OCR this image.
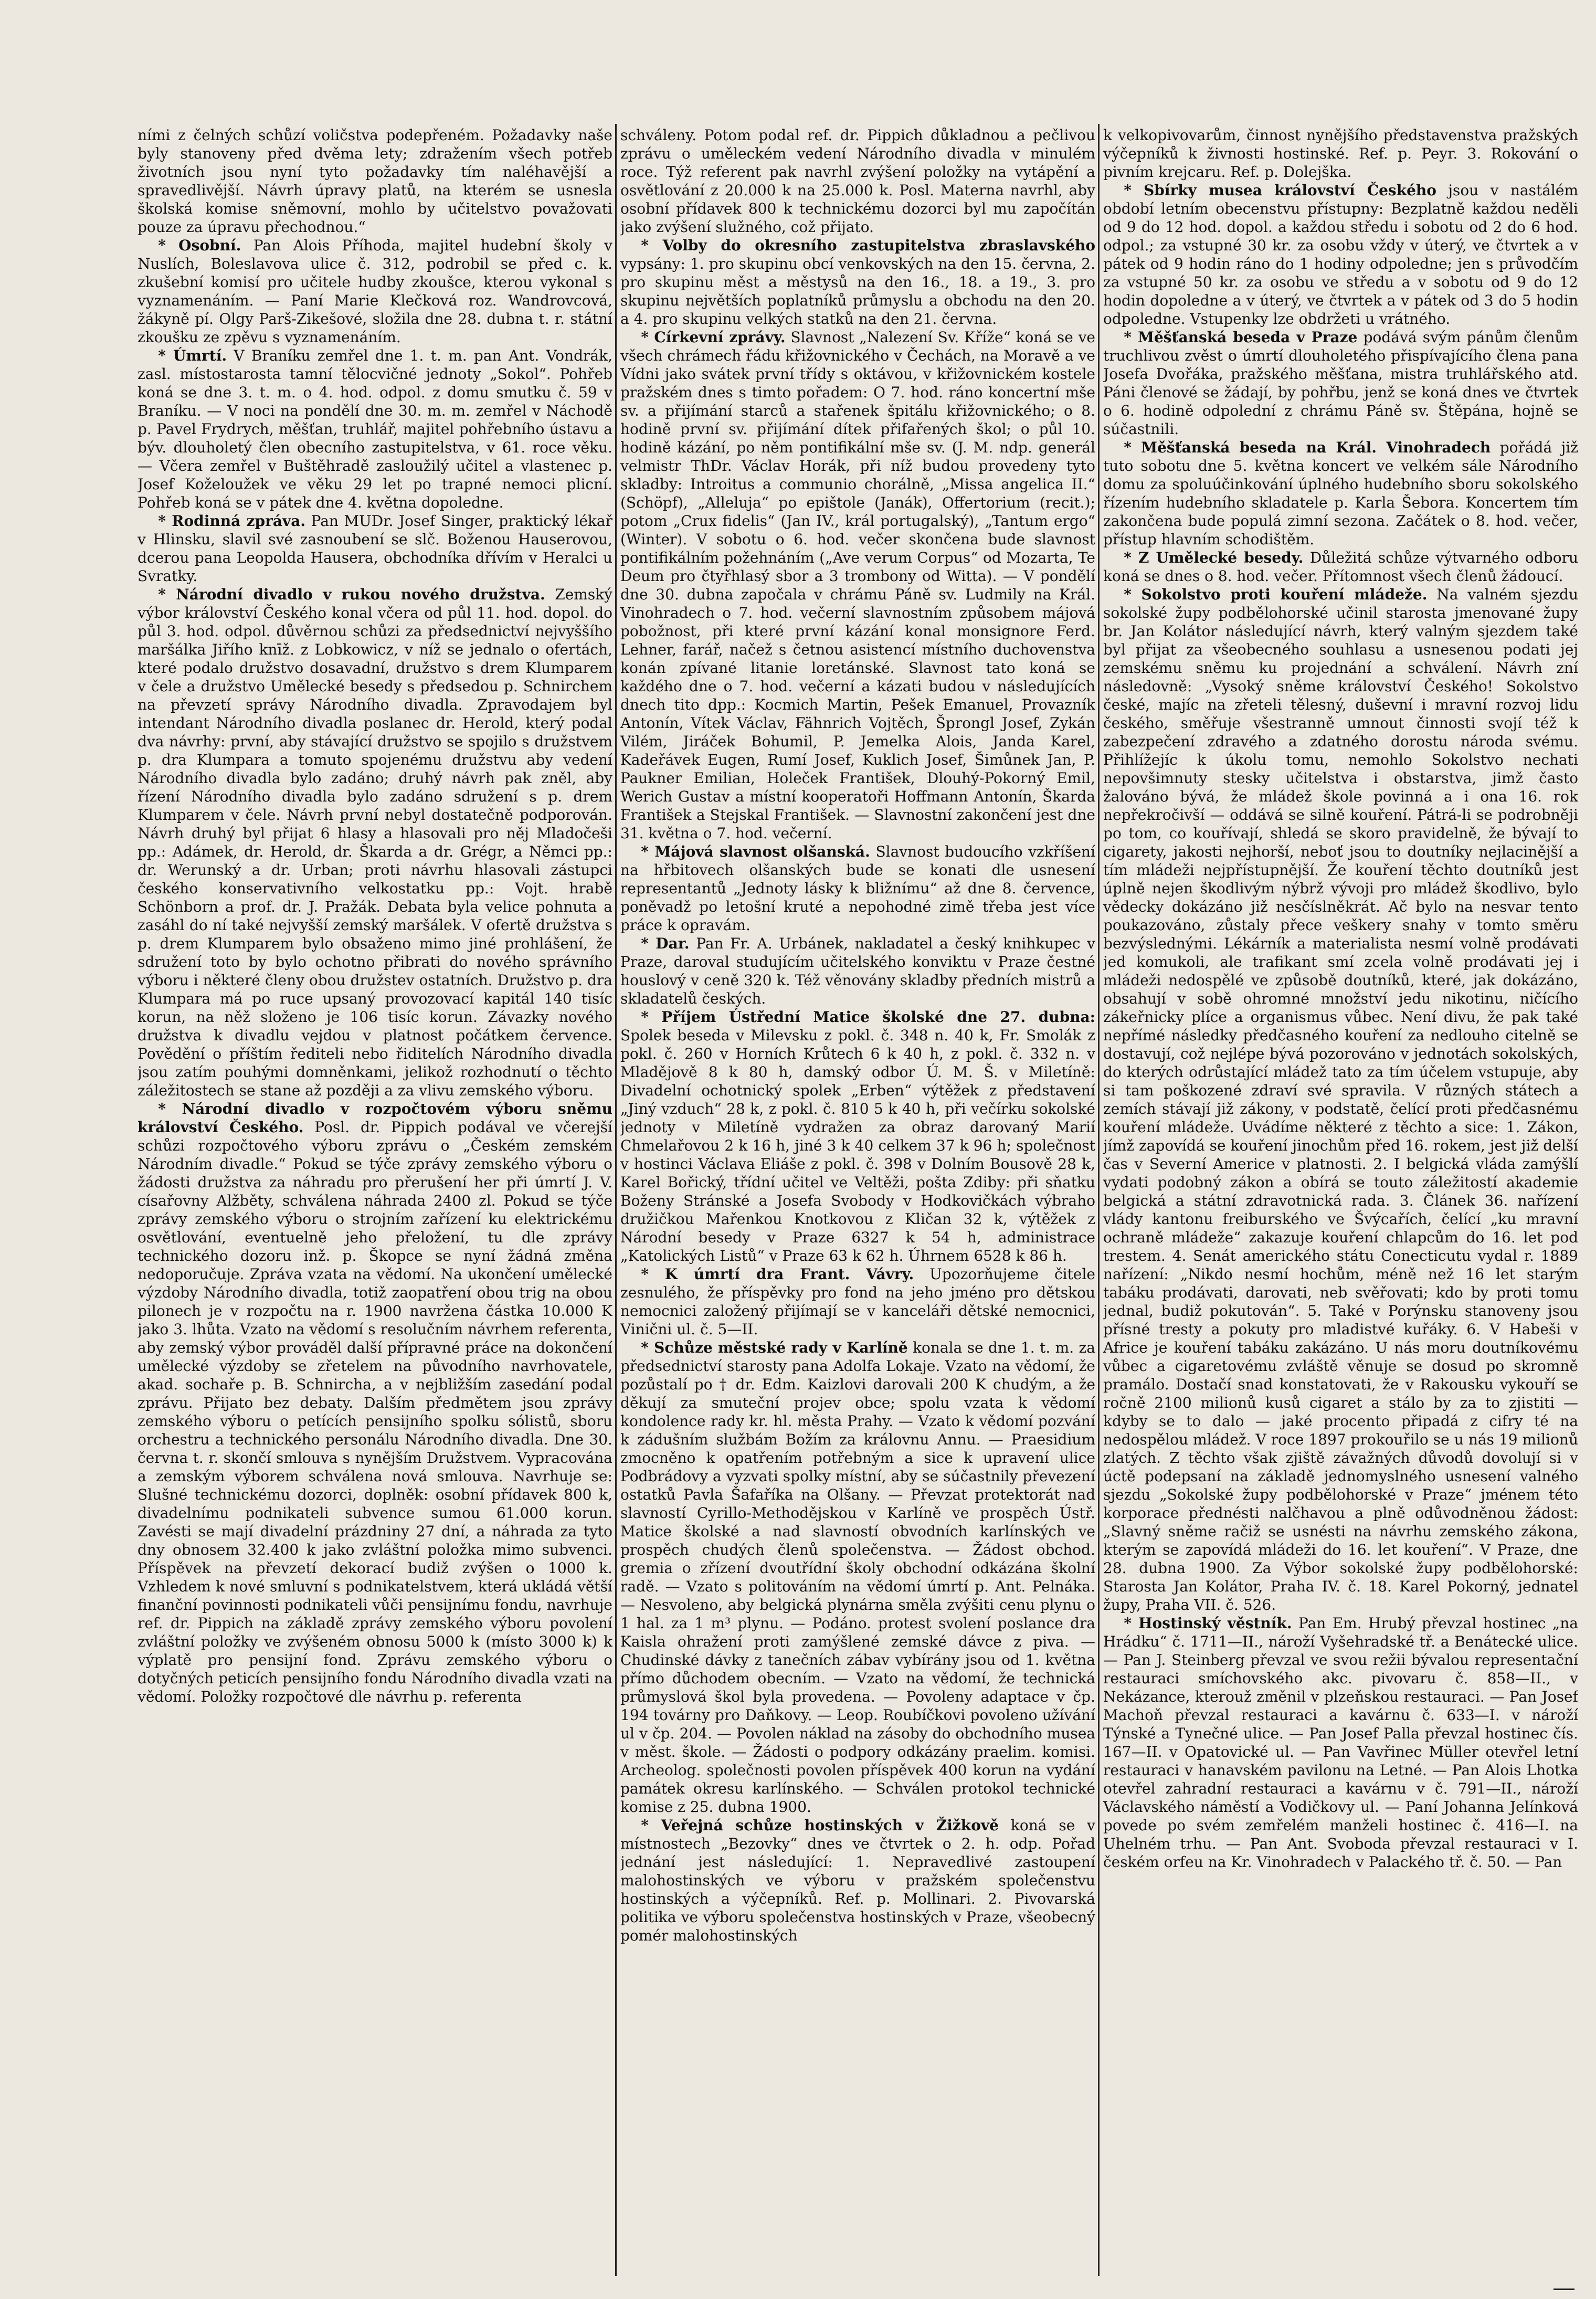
ními z čelných schůzí voličstva podepřeném. Požadavky naše byly stanoveny před dvěma lety; zdražením všech potřeb životních jsou nyní tyto požadavky tím naléhavější a spravedlivější. Návrh úpravy platů, na kterém se usnesla školská komise sněmovní, mohlo by učitelstvo považovati pouze za úpravu přechodnou.“

* Osobní. Pan Alois Příhoda, majitel hudební školy v Nuslích, Boleslavova ulice č. 312, podrobil se před c. k. zkušební komisí pro učitele hudby zkoušce, kterou vykonal s vyznamenáním. — Paní Marie Klečková roz. Wandrovcová, žákyně pí. Olgy Parš-Zikešové, složila dne 28. dubna t. r. státní zkoušku ze zpěvu s vyznamenáním.

* Úmrtí. V Braníku zemřel dne 1. t. m. pan Ant. Vondrák, zasl. místostarosta tamní tělocvičné jednoty „Sokol“. Pohřeb koná se dne 3. t. m. o 4. hod. odpol. z domu smutku č. 59 v Braníku. — V noci na pondělí dne 30. m. m. zemřel v Náchodě p. Pavel Frydrych, měšťan, truhlář, majitel pohřebního ústavu a býv. dlouholetý člen obecního zastupitelstva, v 61. roce věku. — Včera zemřel v Buštěhradě zasloužilý učitel a vlastenec p. Josef Koželoužek ve věku 29 let po trapné nemoci plicní. Pohřeb koná se v pátek dne 4. května dopoledne.

* Rodinná zpráva. Pan MUDr. Josef Singer, praktický lékař v Hlinsku, slavil své zasnoubení se slč. Boženou Hauserovou, dcerou pana Leopolda Hausera, obchodníka dřívím v Heralci u Svratky.

* Národní divadlo v rukou nového družstva. Zemský výbor království Českého konal včera od půl 11. hod. dopol. do půl 3. hod. odpol. důvěrnou schůzi za předsednictví nejvyššího maršálka Jiřího knīž. z Lobkowicz, v níž se jednalo o ofertách, které podalo družstvo dosavadní, družstvo s drem Klumparem v čele a družstvo Umělecké besedy s předsedou p. Schnirchem na převzetí správy Národního divadla. Zpravodajem byl intendant Národního divadla poslanec dr. Herold, který podal dva návrhy: první, aby stávající družstvo se spojilo s družstvem p. dra Klumpara a tomuto spojenému družstvu aby vedení Národního divadla bylo zadáno; druhý návrh pak zněl, aby řízení Národního divadla bylo zadáno sdružení s p. drem Klumparem v čele. Návrh první nebyl dostatečně podporován. Návrh druhý byl přijat 6 hlasy a hlasovali pro něj Mladočeši pp.: Adámek, dr. Herold, dr. Škarda a dr. Grégr, a Němci pp.: dr. Werunský a dr. Urban; proti návrhu hlasovali zástupci českého konservativního velkostatku pp.: Vojt. hrabě Schönborn a prof. dr. J. Pražák. Debata byla velice pohnuta a zasáhl do ní také nejvyšší zemský maršálek. V ofertě družstva s p. drem Klumparem bylo obsaženo mimo jiné prohlášení, že sdružení toto by bylo ochotno přibrati do nového správního výboru i některé členy obou družstev ostatních. Družstvo p. dra Klumpara má po ruce upsaný provozovací kapitál 140 tisíc korun, na něž složeno je 106 tisíc korun. Závazky nového družstva k divadlu vejdou v platnost počátkem července. Povědění o příštím řediteli nebo řiditelích Národního divadla jsou zatím pouhými domněnkami, jelikož rozhodnutí o těchto záležitostech se stane až později a za vlivu zemského výboru.

* Národní divadlo v rozpočtovém výboru sněmu království Českého. Posl. dr. Pippich podával ve včerejší schůzi rozpočtového výboru zprávu o „Českém zemském Národním divadle.“ Pokud se týče zprávy zemského výboru o žádosti družstva za náhradu pro přerušení her při úmrtí J. V. císařovny Alžběty, schválena náhrada 2400 zl. Pokud se týče zprávy zemského výboru o strojním zařízení ku elektrickému osvětlování, eventuelně jeho přeložení, tu dle zprávy technického dozoru inž. p. Škopce se nyní žádná změna nedoporučuje. Zpráva vzata na vědomí. Na ukončení umělecké výzdoby Národního divadla, totiž zaopatření obou trig na obou pilonech je v rozpočtu na r. 1900 navržena částka 10.000 K jako 3. lhůta. Vzato na vědomí s resolučním návrhem referenta, aby zemský výbor prováděl další přípravné práce na dokončení umělecké výzdoby se zřetelem na původního navrhovatele, akad. sochaře p. B. Schnircha, a v nejbližším zasedání podal zprávu. Přijato bez debaty. Dalším předmětem jsou zprávy zemského výboru o petících pensijního spolku sólistů, sboru orchestru a technického personálu Národního divadla. Dne 30. června t. r. skončí smlouva s nynějším Družstvem. Vypracována a zemským výborem schválena nová smlouva. Navrhuje se: Slušné technickému dozorci, doplněk: osobní přídavek 800 k, divadelnímu podnikateli subvence sumou 61.000 korun. Zavésti se mají divadelní prázdniny 27 dní, a náhrada za tyto dny obnosem 32.400 k jako zvláštní položka mimo subvenci. Příspěvek na převzetí dekorací budiž zvýšen o 1000 k. Vzhledem k nové smluvní s podnikatelstvem, která ukládá větší finanční povinnosti podnikateli vůči pensijnímu fondu, navrhuje ref. dr. Pippich na základě zprávy zemského výboru povolení zvláštní položky ve zvýšeném obnosu 5000 k (místo 3000 k) k výplatě pro pensijní fond. Zprávu zemského výboru o dotyčných peticích pensijního fondu Národního divadla vzati na vědomí. Položky rozpočtové dle návrhu p. referenta

schváleny. Potom podal ref. dr. Pippich důkladnou a pečlivou zprávu o uměleckém vedení Národního divadla v minulém roce. Týž referent pak navrhl zvýšení položky na vytápění a osvětlování z 20.000 k na 25.000 k. Posl. Materna navrhl, aby osobní přídavek 800 k technickému dozorci byl mu započítán jako zvýšení služného, což přijato.

* Volby do okresního zastupitelstva zbraslavského vypsány: 1. pro skupinu obcí venkovských na den 15. června, 2. pro skupinu měst a městysů na den 16., 18. a 19., 3. pro skupinu největších poplatníků průmyslu a obchodu na den 20. a 4. pro skupinu velkých statků na den 21. června.

* Církevní zprávy. Slavnost „Nalezení Sv. Kříže“ koná se ve všech chrámech řádu křižovnického v Čechách, na Moravě a ve Vídni jako svátek první třídy s oktávou, v křižovnickém kostele pražském dnes s timto pořadem: O 7. hod. ráno koncertní mše sv. a přijímání starců a stařenek špitálu křižovnického; o 8. hodině první sv. přijímání dítek přifařených škol; o půl 10. hodině kázání, po něm pontifikální mše sv. (J. M. ndp. generál velmistr ThDr. Václav Horák, při níž budou provedeny tyto skladby: Introitus a communio chorálně, „Missa angelica II.“ (Schöpf), „Alleluja“ po epištole (Janák), Offertorium (recit.); potom „Crux fidelis“ (Jan IV., král portugalský), „Tantum ergo“ (Winter). V sobotu o 6. hod. večer skončena bude slavnost pontifikálním požehnáním („Ave verum Corpus“ od Mozarta, Te Deum pro čtyřhlasý sbor a 3 trombony od Witta). — V pondělí dne 30. dubna započala v chrámu Páně sv. Ludmily na Král. Vinohradech o 7. hod. večerní slavnostním způsobem májová pobožnost, při které první kázání konal monsignore Ferd. Lehner, farář, načež s četnou asistencí místního duchovenstva konán zpívané litanie loretánské. Slavnost tato koná se každého dne o 7. hod. večerní a kázati budou v následujících dnech tito dpp.: Kocmich Martin, Pešek Emanuel, Provazník Antonín, Vítek Václav, Fähnrich Vojtěch, Šprongl Josef, Zykán Vilém, Jiráček Bohumil, P. Jemelka Alois, Janda Karel, Kadeřávek Eugen, Rumí Josef, Kuklich Josef, Šimůnek Jan, P. Paukner Emilian, Holeček František, Dlouhý-Pokorný Emil, Werich Gustav a místní kooperatoři Hoffmann Antonín, Škarda František a Stejskal František. — Slavnostní zakončení jest dne 31. května o 7. hod. večerní.

* Májová slavnost olšanská. Slavnost budoucího vzkříšení na hřbitovech olšanských bude se konati dle usnesení representantů „Jednoty lásky k bližnímu“ až dne 8. července, poněvadž po letošní kruté a nepohodné zimě třeba jest více práce k opravám.

* Dar. Pan Fr. A. Urbánek, nakladatel a český knihkupec v Praze, daroval studujícím učitelského konviktu v Praze čestné houslový v ceně 320 k. Též věnovány skladby předních mistrů a skladatelů českých.

* Příjem Ústřední Matice školské dne 27. dubna: Spolek beseda v Milevsku z pokl. č. 348 n. 40 k, Fr. Smolák z pokl. č. 260 v Horních Krůtech 6 k 40 h, z pokl. č. 332 n. v Mladějově 8 k 80 h, damský odbor Ú. M. Š. v Miletíně: Divadelní ochotnický spolek „Erben“ výtěžek z představení „Jiný vzduch“ 28 k, z pokl. č. 810 5 k 40 h, při večírku sokolské jednoty v Miletíně vydražen za obraz darovaný Marií Chmelařovou 2 k 16 h, jiné 3 k 40 celkem 37 k 96 h; společnost v hostinci Václava Eliáše z pokl. č. 398 v Dolním Bousově 28 k, Karel Bořický, třídní učitel ve Veltěži, pošta Zdiby: při sňatku Boženy Stránské a Josefa Svobody v Hodkovičkách výbraho družičkou Mařenkou Knotkovou z Kličan 32 k, výtěžek z Národní besedy v Praze 6327 k 54 h, administrace „Katolických Listů“ v Praze 63 k 62 h. Úhrnem 6528 k 86 h.

* K úmrtí dra Frant. Vávry. Upozorňujeme čitele zesnulého, že příspěvky pro fond na jeho jméno pro dětskou nemocnici založený přijímají se v kanceláři dětské nemocnici, Vinični ul. č. 5—II.

* Schůze městské rady v Karlíně konala se dne 1. t. m. za předsednictví starosty pana Adolfa Lokaje. Vzato na vědomí, že pozůstalí po † dr. Edm. Kaizlovi darovali 200 K chudým, a že děkují za smuteční projev obce; spolu vzata k vědomí kondolence rady kr. hl. města Prahy. — Vzato k vědomí pozvání k zádušním službám Božím za královnu Annu. — Praesidium zmocněno k opatřením potřebným a sice k upravení ulice Podbrádovy a vyzvati spolky místní, aby se súčastnily převezení ostatků Pavla Šafaříka na Olšany. — Převzat protektorát nad slavností Cyrillo-Methodějskou v Karlíně ve prospěch Ústř. Matice školské a nad slavností obvodních karlínských ve prospěch chudých členů společenstva. — Žádost obchod. gremia o zřízení dvoutřídní školy obchodní odkázána školní radě. — Vzato s politováním na vědomí úmrtí p. Ant. Pelnáka. — Nesvoleno, aby belgická plynárna směla zvýšiti cenu plynu o 1 hal. za 1 m³ plynu. — Podáno. protest svolení poslance dra Kaisla ohražení proti zamýšlené zemské dávce z piva. — Chudinské dávky z tanečních zábav vybírány jsou od 1. května přímo důchodem obecním. — Vzato na vědomí, že technická průmyslová škol byla provedena. — Povoleny adaptace v čp. 194 továrny pro Daňkovy. — Leop. Roubíčkovi povoleno užívání ul v čp. 204. — Povolen náklad na zásoby do obchodního musea v měst. škole. — Žádosti o podpory odkázány praelim. komisi. Archeolog. společnosti povolen příspěvek 400 korun na vydání památek okresu karlínského. — Schválen protokol technické komise z 25. dubna 1900.

* Veřejná schůze hostinských v Žižkově koná se v místnostech „Bezovky“ dnes ve čtvrtek o 2. h. odp. Pořad jednání jest následující: 1. Nepravedlivé zastoupení malohostinských ve výboru v pražském společenstvu hostinských a výčepníků. Ref. p. Mollinari. 2. Pivovarská politika ve výboru společenstva hostinských v Praze, všeobecný pomér malohostinských

k velkopivovarům, činnost nynějšího představenstva pražských výčepníků k živnosti hostinské. Ref. p. Peyr. 3. Rokování o pivním krejcaru. Ref. p. Dolejška.

* Sbírky musea království Českého jsou v nastálém období letním obecenstvu přístupny: Bezplatně každou neděli od 9 do 12 hod. dopol. a každou středu i sobotu od 2 do 6 hod. odpol.; za vstupné 30 kr. za osobu vždy v úterý, ve čtvrtek a v pátek od 9 hodin ráno do 1 hodiny odpoledne; jen s průvodčím za vstupné 50 kr. za osobu ve středu a v sobotu od 9 do 12 hodin dopoledne a v úterý, ve čtvrtek a v pátek od 3 do 5 hodin odpoledne. Vstupenky lze obdržeti u vrátného.

* Měšťanská beseda v Praze podává svým pánům členům truchlivou zvěst o úmrtí dlouholetého přispívajícího člena pana Josefa Dvořáka, pražského měšťana, mistra truhlářského atd. Páni členové se žádají, by pohřbu, jenž se koná dnes ve čtvrtek o 6. hodině odpolední z chrámu Páně sv. Štěpána, hojně se súčastnili.

* Měšťanská beseda na Král. Vinohradech pořádá již tuto sobotu dne 5. května koncert ve velkém sále Národního domu za spoluúčinkování úplného hudebního sboru sokolského řízením hudebního skladatele p. Karla Šebora. Koncertem tím zakončena bude populá zimní sezona. Začátek o 8. hod. večer, přístup hlavním schodištěm.

* Z Umělecké besedy. Důležitá schůze výtvarného odboru koná se dnes o 8. hod. večer. Přítomnost všech členů žádoucí.

* Sokolstvo proti kouření mládeže. Na valném sjezdu sokolské župy podbělohorské učinil starosta jmenované župy br. Jan Kolátor následující návrh, který valným sjezdem také byl přijat za všeobecného souhlasu a usnesenou podati jej zemskému sněmu ku projednání a schválení. Návrh zní následovně: „Vysoký sněme království Českého! Sokolstvo české, majíc na zřeteli tělesný, duševní i mravní rozvoj lidu českého, směřuje všestranně umnout činnosti svojí též k zabezpečení zdravého a zdatného dorostu národa svému. Přihlížejíc k úkolu tomu, nemohlo Sokolstvo nechati nepovšimnuty stesky učitelstva i obstarstva, jimž často žalováno bývá, že mládež škole povinná a i ona 16. rok nepřekročivší — oddává se silně kouření. Pátrá-li se podrobněji po tom, co kouřívají, shledá se skoro pravidelně, že bývají to cigarety, jakosti nejhorší, neboť jsou to doutníky nejlacinější a tím mládeži nejpřístupnější. Že kouření těchto doutníků jest úplně nejen škodlivým nýbrž vývoji pro mládež škodlivo, bylo vědecky dokázáno již nesčíslněkrát. Ač bylo na nesvar tento poukazováno, zůstaly přece veškery snahy v tomto směru bezvýslednými. Lékárník a materialista nesmí volně prodávati jed komukoli, ale trafikant smí zcela volně prodávati jej i mládeži nedospělé ve způsobě doutníků, které, jak dokázáno, obsahují v sobě ohromné množství jedu nikotinu, ničícího zákeřnicky plíce a organismus vůbec. Není divu, že pak také nepřímé následky předčasného kouření za nedlouho citelně se dostavují, což nejlépe bývá pozorováno v jednotách sokolských, do kterých odrůstající mládež tato za tím účelem vstupuje, aby si tam poškozené zdraví své spravila. V různých státech a zemích stávají již zákony, v podstatě, čelící proti předčasnému kouření mládeže. Uvádíme některé z těchto a sice: 1. Zákon, jímž zapovídá se kouření jinochům před 16. rokem, jest již delší čas v Severní Americe v platnosti. 2. I belgická vláda zamýšlí vydati podobný zákon a obírá se touto záležitostí akademie belgická a státní zdravotnická rada. 3. Článek 36. nařízení vlády kantonu freiburského ve Švýcařích, čelící „ku mravní ochraně mládeže“ zakazuje kouření chlapcům do 16. let pod trestem. 4. Senát amerického státu Conecticutu vydal r. 1889 nařízení: „Nikdo nesmí hochům, méně než 16 let starým tabáku prodávati, darovati, neb svěřovati; kdo by proti tomu jednal, budiž pokutován“. 5. Také v Porýnsku stanoveny jsou přísné tresty a pokuty pro mladistvé kuřáky. 6. V Habeši v Africe je kouření tabáku zakázáno. U nás moru doutníkovému vůbec a cigaretovému zvláště věnuje se dosud po skromně pramálo. Dostačí snad konstatovati, že v Rakousku vykouří se ročně 2100 milionů kusů cigaret a stálo by za to zjistiti — kdyby se to dalo — jaké procento připadá z cifry té na nedospělou mládež. V roce 1897 prokouřilo se u nás 19 milionů zlatých. Z těchto však zjiště závažných důvodů dovolují si v úctě podepsaní na základě jednomyslného usnesení valného sjezdu „Sokolské župy podbělohorské v Praze“ jménem této korporace přednésti nalčhavou a plně odůvodněnou žádost: „Slavný sněme račiž se usnésti na návrhu zemského zákona, kterým se zapovídá mládeži do 16. let kouření“. V Praze, dne 28. dubna 1900. Za Výbor sokolské župy podbělohorské: Starosta Jan Kolátor, Praha IV. č. 18. Karel Pokorný, jednatel župy, Praha VII. č. 526.

* Hostinský věstník. Pan Em. Hrubý převzal hostinec „na Hrádku“ č. 1711—II., nároží Vyšehradské tř. a Benátecké ulice. — Pan J. Steinberg převzal ve svou režii bývalou representační restauraci smíchovského akc. pivovaru č. 858—II., v Nekázance, kterouž změnil v plzeňskou restauraci. — Pan Josef Machoň převzal restauraci a kavárnu č. 633—I. v nároží Týnské a Tynečné ulice. — Pan Josef Palla převzal hostinec čís. 167—II. v Opatovické ul. — Pan Vavřinec Müller otevřel letní restauraci v hanavském pavilonu na Letné. — Pan Alois Lhotka otevřel zahradní restauraci a kavárnu v č. 791—II., nároží Václavského náměstí a Vodičkovy ul. — Paní Johanna Jelínková povede po svém zemřelém manželi hostinec č. 416—I. na Uhelném trhu. — Pan Ant. Svoboda převzal restauraci v I. českém orfeu na Kr. Vinohradech v Palackého tř. č. 50. — Pan
